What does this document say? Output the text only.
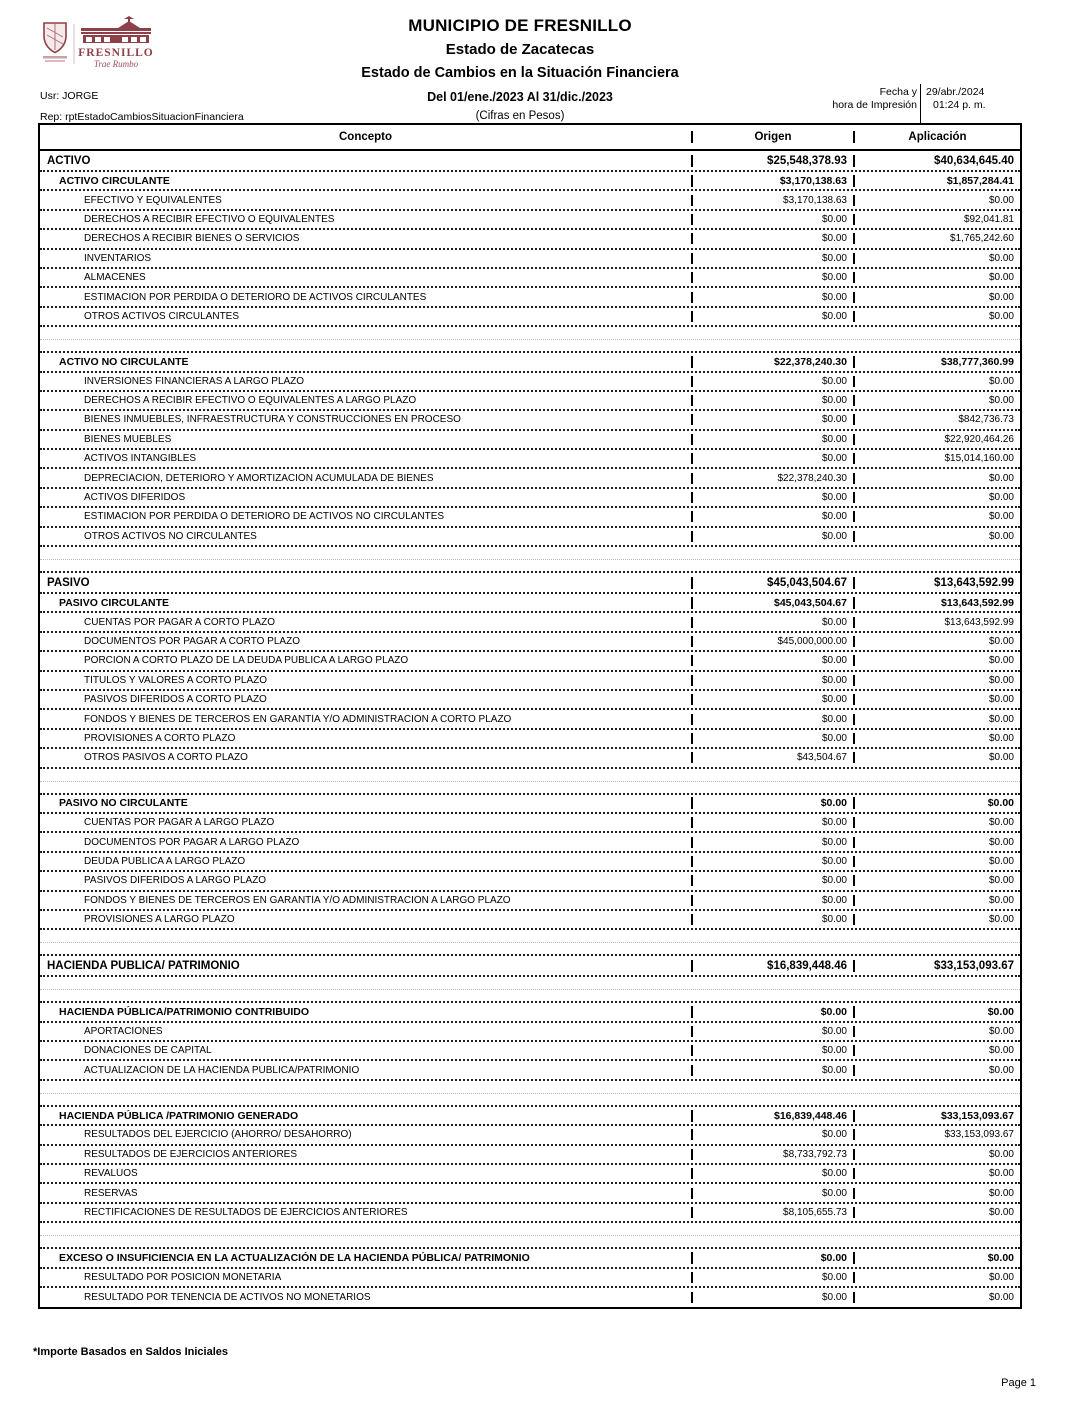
FRESNILLO
Trae Rumbo
MUNICIPIO DE FRESNILLO
Estado de Zacatecas
Estado de Cambios en la Situación Financiera
Del 01/ene./2023 Al 31/dic./2023
(Cifras en Pesos)
Usr: JORGE
Rep: rptEstadoCambiosSituacionFinanciera
Fecha y
hora de Impresión
29/abr./2024
01:24 p. m.
Concepto	Origen	Aplicación
ACTIVO	$25,548,378.93	$40,634,645.40
ACTIVO CIRCULANTE	$3,170,138.63	$1,857,284.41
EFECTIVO Y EQUIVALENTES	$3,170,138.63	$0.00
DERECHOS A RECIBIR EFECTIVO O EQUIVALENTES	$0.00	$92,041.81
DERECHOS A RECIBIR BIENES O SERVICIOS	$0.00	$1,765,242.60
INVENTARIOS	$0.00	$0.00
ALMACENES	$0.00	$0.00
ESTIMACIÓN POR PÉRDIDA O DETERIORO DE ACTIVOS CIRCULANTES	$0.00	$0.00
OTROS ACTIVOS CIRCULANTES	$0.00	$0.00
ACTIVO NO CIRCULANTE	$22,378,240.30	$38,777,360.99
INVERSIONES FINANCIERAS A LARGO PLAZO	$0.00	$0.00
DERECHOS A RECIBIR EFECTIVO O EQUIVALENTES A LARGO PLAZO	$0.00	$0.00
BIENES INMUEBLES, INFRAESTRUCTURA Y CONSTRUCCIONES EN PROCESO	$0.00	$842,736.73
BIENES MUEBLES	$0.00	$22,920,464.26
ACTIVOS INTANGIBLES	$0.00	$15,014,160.00
DEPRECIACIÓN, DETERIORO Y AMORTIZACIÓN ACUMULADA DE BIENES	$22,378,240.30	$0.00
ACTIVOS DIFERIDOS	$0.00	$0.00
ESTIMACIÓN POR PÉRDIDA O DETERIORO DE ACTIVOS NO CIRCULANTES	$0.00	$0.00
OTROS ACTIVOS NO CIRCULANTES	$0.00	$0.00
PASIVO	$45,043,504.67	$13,643,592.99
PASIVO CIRCULANTE	$45,043,504.67	$13,643,592.99
CUENTAS POR PAGAR A CORTO PLAZO	$0.00	$13,643,592.99
DOCUMENTOS POR PAGAR A CORTO PLAZO	$45,000,000.00	$0.00
PORCIÓN A CORTO PLAZO DE LA DEUDA PÚBLICA A LARGO PLAZO	$0.00	$0.00
TÍTULOS Y VALORES A CORTO PLAZO	$0.00	$0.00
PASIVOS DIFERIDOS A CORTO PLAZO	$0.00	$0.00
FONDOS Y BIENES DE TERCEROS EN GARANTÍA Y/O ADMINISTRACIÓN A CORTO PLAZO	$0.00	$0.00
PROVISIONES A CORTO PLAZO	$0.00	$0.00
OTROS PASIVOS A CORTO PLAZO	$43,504.67	$0.00
PASIVO NO CIRCULANTE	$0.00	$0.00
CUENTAS POR PAGAR A LARGO PLAZO	$0.00	$0.00
DOCUMENTOS POR PAGAR A LARGO PLAZO	$0.00	$0.00
DEUDA PÚBLICA A LARGO PLAZO	$0.00	$0.00
PASIVOS DIFERIDOS A LARGO PLAZO	$0.00	$0.00
FONDOS Y BIENES DE TERCEROS EN GARANTÍA Y/O ADMINISTRACIÓN A LARGO PLAZO	$0.00	$0.00
PROVISIONES A LARGO PLAZO	$0.00	$0.00
HACIENDA PÚBLICA/ PATRIMONIO	$16,839,448.46	$33,153,093.67
HACIENDA PÚBLICA/PATRIMONIO CONTRIBUIDO	$0.00	$0.00
APORTACIONES	$0.00	$0.00
DONACIONES DE CAPITAL	$0.00	$0.00
ACTUALIZACIÓN DE LA HACIENDA PÚBLICA/PATRIMONIO	$0.00	$0.00
HACIENDA PÚBLICA /PATRIMONIO GENERADO	$16,839,448.46	$33,153,093.67
RESULTADOS DEL EJERCICIO (AHORRO/ DESAHORRO)	$0.00	$33,153,093.67
RESULTADOS DE EJERCICIOS ANTERIORES	$8,733,792.73	$0.00
REVALÚOS	$0.00	$0.00
RESERVAS	$0.00	$0.00
RECTIFICACIONES DE RESULTADOS DE EJERCICIOS ANTERIORES	$8,105,655.73	$0.00
EXCESO O INSUFICIENCIA EN LA ACTUALIZACIÓN DE LA HACIENDA PÚBLICA/ PATRIMONIO	$0.00	$0.00
RESULTADO POR POSICIÓN MONETARIA	$0.00	$0.00
RESULTADO POR TENENCIA DE ACTIVOS NO MONETARIOS	$0.00	$0.00
*Importe Basados en Saldos Iniciales
Page 1
